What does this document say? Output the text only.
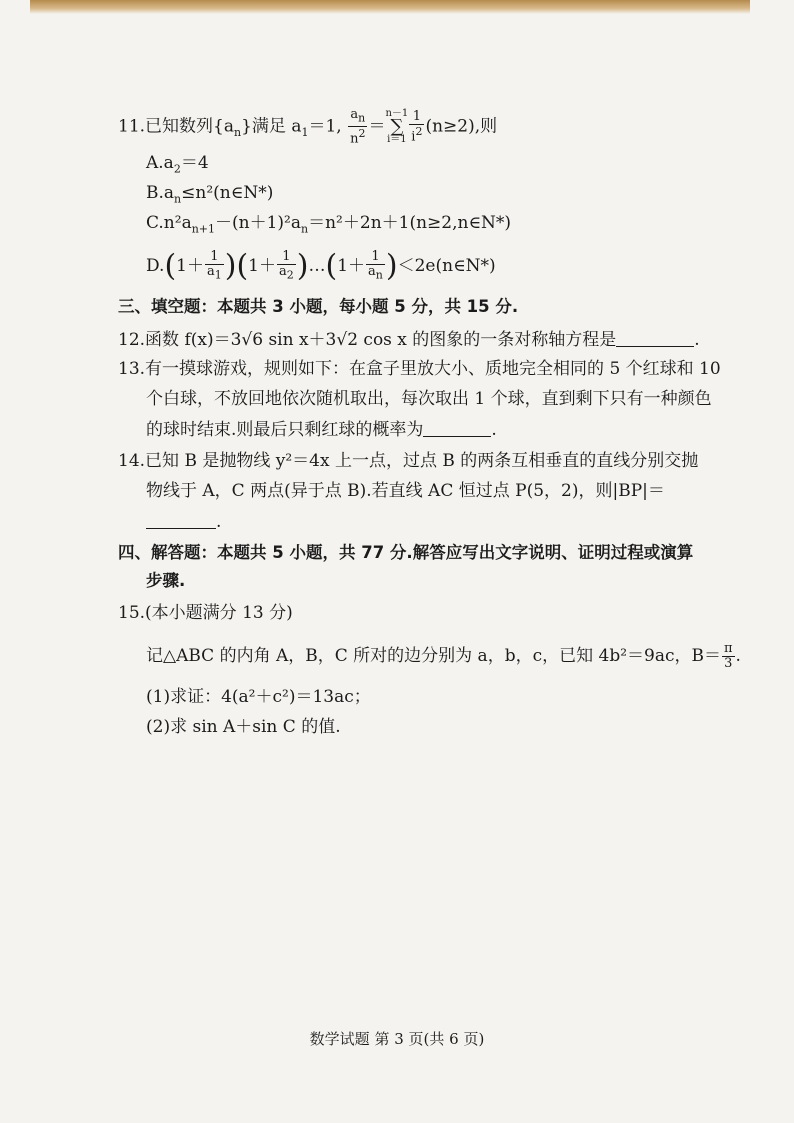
11.已知数列$\{a_n\}$满足 $a_1=1$, $\frac{a_n}{n^2} =n-1$
∑
$i=1 \frac{1}{i^2} (n\ge 2)$,则
$A.a_2=4$
$B.a_n\le n^2(n\in N*)$
$C.n^2a_{n+1}-(n+1)^2a_n=n^2+2n+1(n\ge 2,n\in N*)$
$D.(1+ \frac{1}{a_1} )(1+ \frac{1}{a_2}$ )…(1＋ $\frac{1}{a_n}$ )＜2e(n∈N*)
三、填空题：本题共 3 小题，每小题 5 分，共 15 分.
12.函数 f(x)＝3√6 sin x＋3√2 cos x 的图象的一条对称轴方程是	.
13.有一摸球游戏，规则如下：在盒子里放大小、质地完全相同的 5 个红球和 10
个白球，不放回地依次随机取出，每次取出 1 个球，直到剩下只有一种颜色
的球时结束.则最后只剩红球的概率为	.
14.已知 B 是抛物线 y²＝4x 上一点，过点 B 的两条互相垂直的直线分别交抛
物线于 A，C 两点(异于点 B).若直线 AC 恒过点 P(5，2)，则|BP|＝
.
四、解答题：本题共 5 小题，共 77 分.解答应写出文字说明、证明过程或演算
步骤.
15.(本小题满分 13 分)
记△ABC 的内角 A，B，C 所对的边分别为 a，b，c，已知 4b²＝9ac，$B= \frac{\pi}{3}$ .
(1)求证：4(a²＋c²)＝13ac；
(2)求 sin A＋sin C 的值.
数学试题 第 3 页(共 6 页)
